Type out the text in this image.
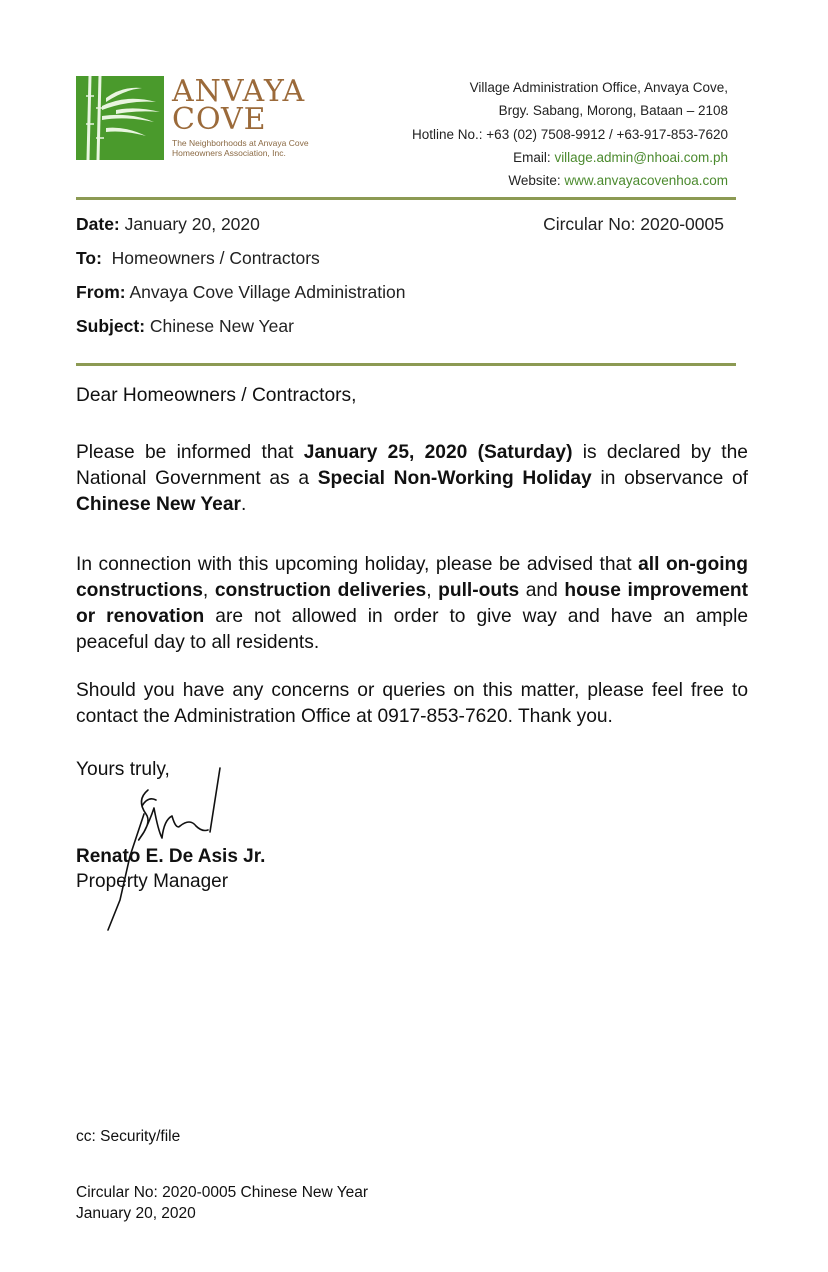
ANVAYA
COVE
The Neighborhoods at Anvaya Cove Homeowners Association, Inc.
Village Administration Office, Anvaya Cove,
Brgy. Sabang, Morong, Bataan – 2108
Hotline No.: +63 (02) 7508-9912 / +63-917-853-7620
Email: village.admin@nhoai.com.ph
Website: www.anvayacovenhoa.com
Date: January 20, 2020	Circular No: 2020-0005
To: Homeowners / Contractors
From: Anvaya Cove Village Administration
Subject: Chinese New Year
Dear Homeowners / Contractors,
Please be informed that January 25, 2020 (Saturday) is declared by the National Government as a Special Non-Working Holiday in observance of Chinese New Year.
In connection with this upcoming holiday, please be advised that all on-going constructions, construction deliveries, pull-outs and house improvement or renovation are not allowed in order to give way and have an ample peaceful day to all residents.
Should you have any concerns or queries on this matter, please feel free to contact the Administration Office at 0917-853-7620. Thank you.
Yours truly,
Renato E. De Asis Jr.
Property Manager
cc: Security/file
Circular No: 2020-0005 Chinese New Year
January 20, 2020
